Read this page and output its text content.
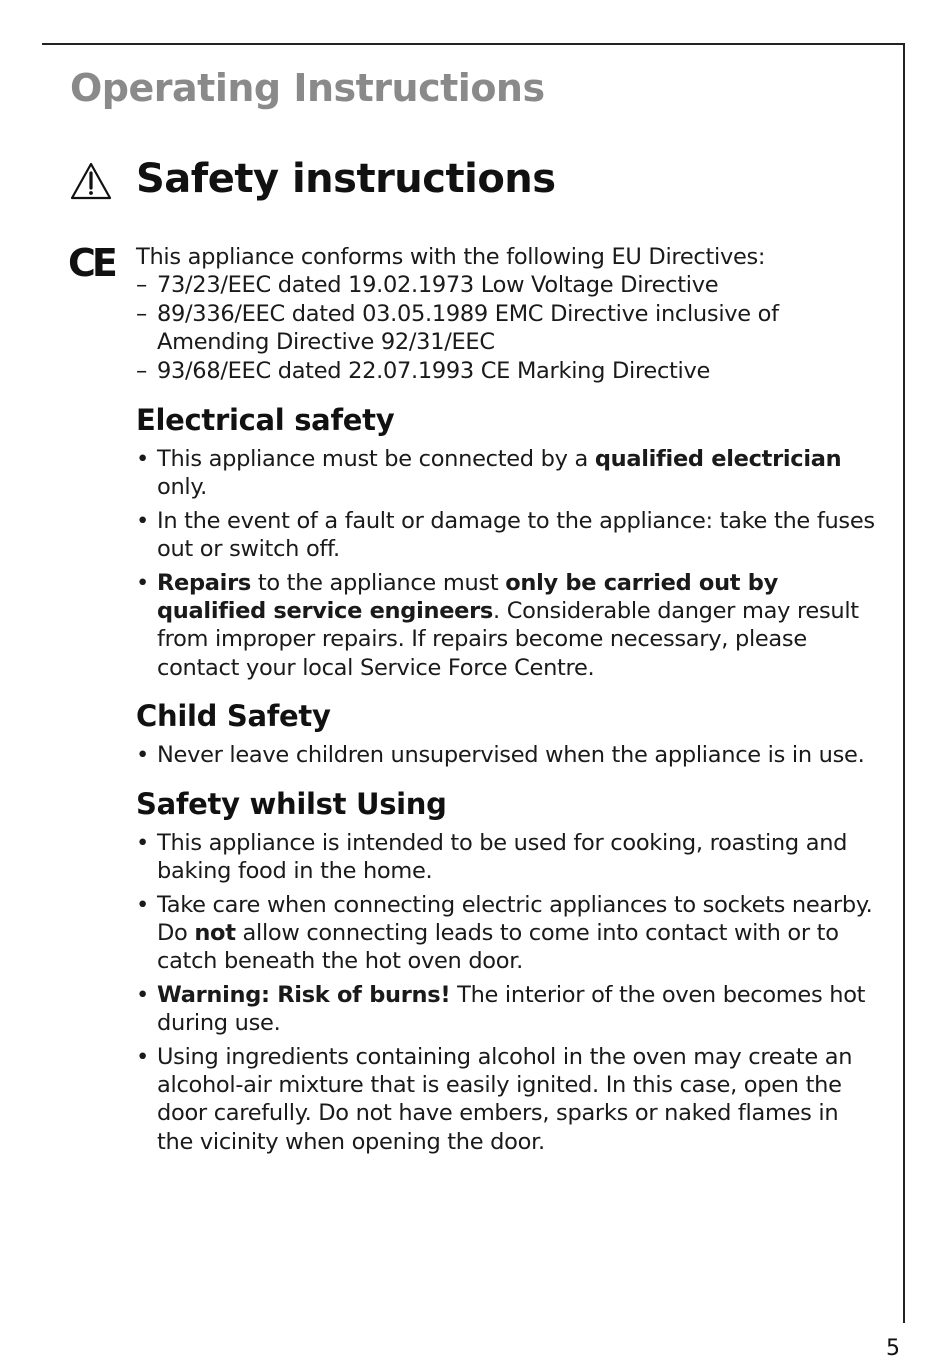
Operating Instructions
Safety instructions

CE This appliance conforms with the following EU Directives:

– 73/23/EEC dated 19.02.1973 Low Voltage Directive
– 89/336/EEC dated 03.05.1989 EMC Directive inclusive of Amending Directive 92/31/EEC
– 93/68/EEC dated 22.07.1993 CE Marking Directive
Electrical safety
• This appliance must be connected by a qualified electrician only.
• In the event of a fault or damage to the appliance: take the fuses out or switch off.
• Repairs to the appliance must only be carried out by qualified service engineers. Considerable danger may result from improper repairs. If repairs become necessary, please contact your local Service Force Centre.
Child Safety
• Never leave children unsupervised when the appliance is in use.
Safety whilst Using
• This appliance is intended to be used for cooking, roasting and baking food in the home.
• Take care when connecting electric appliances to sockets nearby. Do not allow connecting leads to come into contact with or to catch beneath the hot oven door.
• Warning: Risk of burns! The interior of the oven becomes hot during use.
• Using ingredients containing alcohol in the oven may create an alcohol-air mixture that is easily ignited. In this case, open the door carefully. Do not have embers, sparks or naked flames in the vicinity when opening the door.

5
